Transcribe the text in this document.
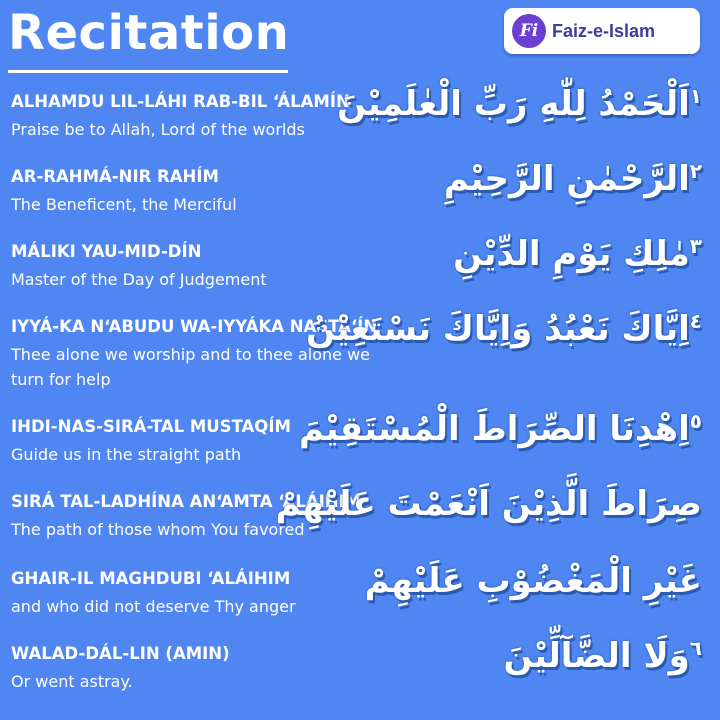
Recitation	Fi Faiz-e-Islam
ALHAMDU LIL-LÁHI RAB-BIL ‘ÁLAMÍN
Praise be to Allah, Lord of the worlds
١اَلْحَمْدُ لِلّٰهِ رَبِّ الْعٰلَمِيْنَ
AR-RAHMÁ-NIR RAHÍM
The Beneficent, the Merciful
٢الرَّحْمٰنِ الرَّحِيْمِ
MÁLIKI YAU-MID-DÍN
Master of the Day of Judgement
٣مٰلِكِ يَوْمِ الدِّيْنِ
IYYÁ-KA N‘ABUDU WA-IYYÁKA NASTA‘ÍN
Thee alone we worship and to thee alone we turn for help
٤اِيَّاكَ نَعْبُدُ وَاِيَّاكَ نَسْتَعِيْنُ
IHDI-NAS-SIRÁ-TAL MUSTAQÍM
Guide us in the straight path
٥اِهْدِنَا الصِّرَاطَ الْمُسْتَقِيْمَ
SIRÁ TAL-LADHÍNA AN‘AMTA ‘ALÁIHIM
The path of those whom You favored
صِرَاطَ الَّذِيْنَ اَنْعَمْتَ عَلَيْهِمْ
GHAIR-IL MAGHDUBI ‘ALÁIHIM
and who did not deserve Thy anger
غَيْرِ الْمَغْضُوْبِ عَلَيْهِمْ
WALAD-DÁL-LIN (AMIN)
Or went astray.
٦وَلَا الضَّآلِّيْنَ
